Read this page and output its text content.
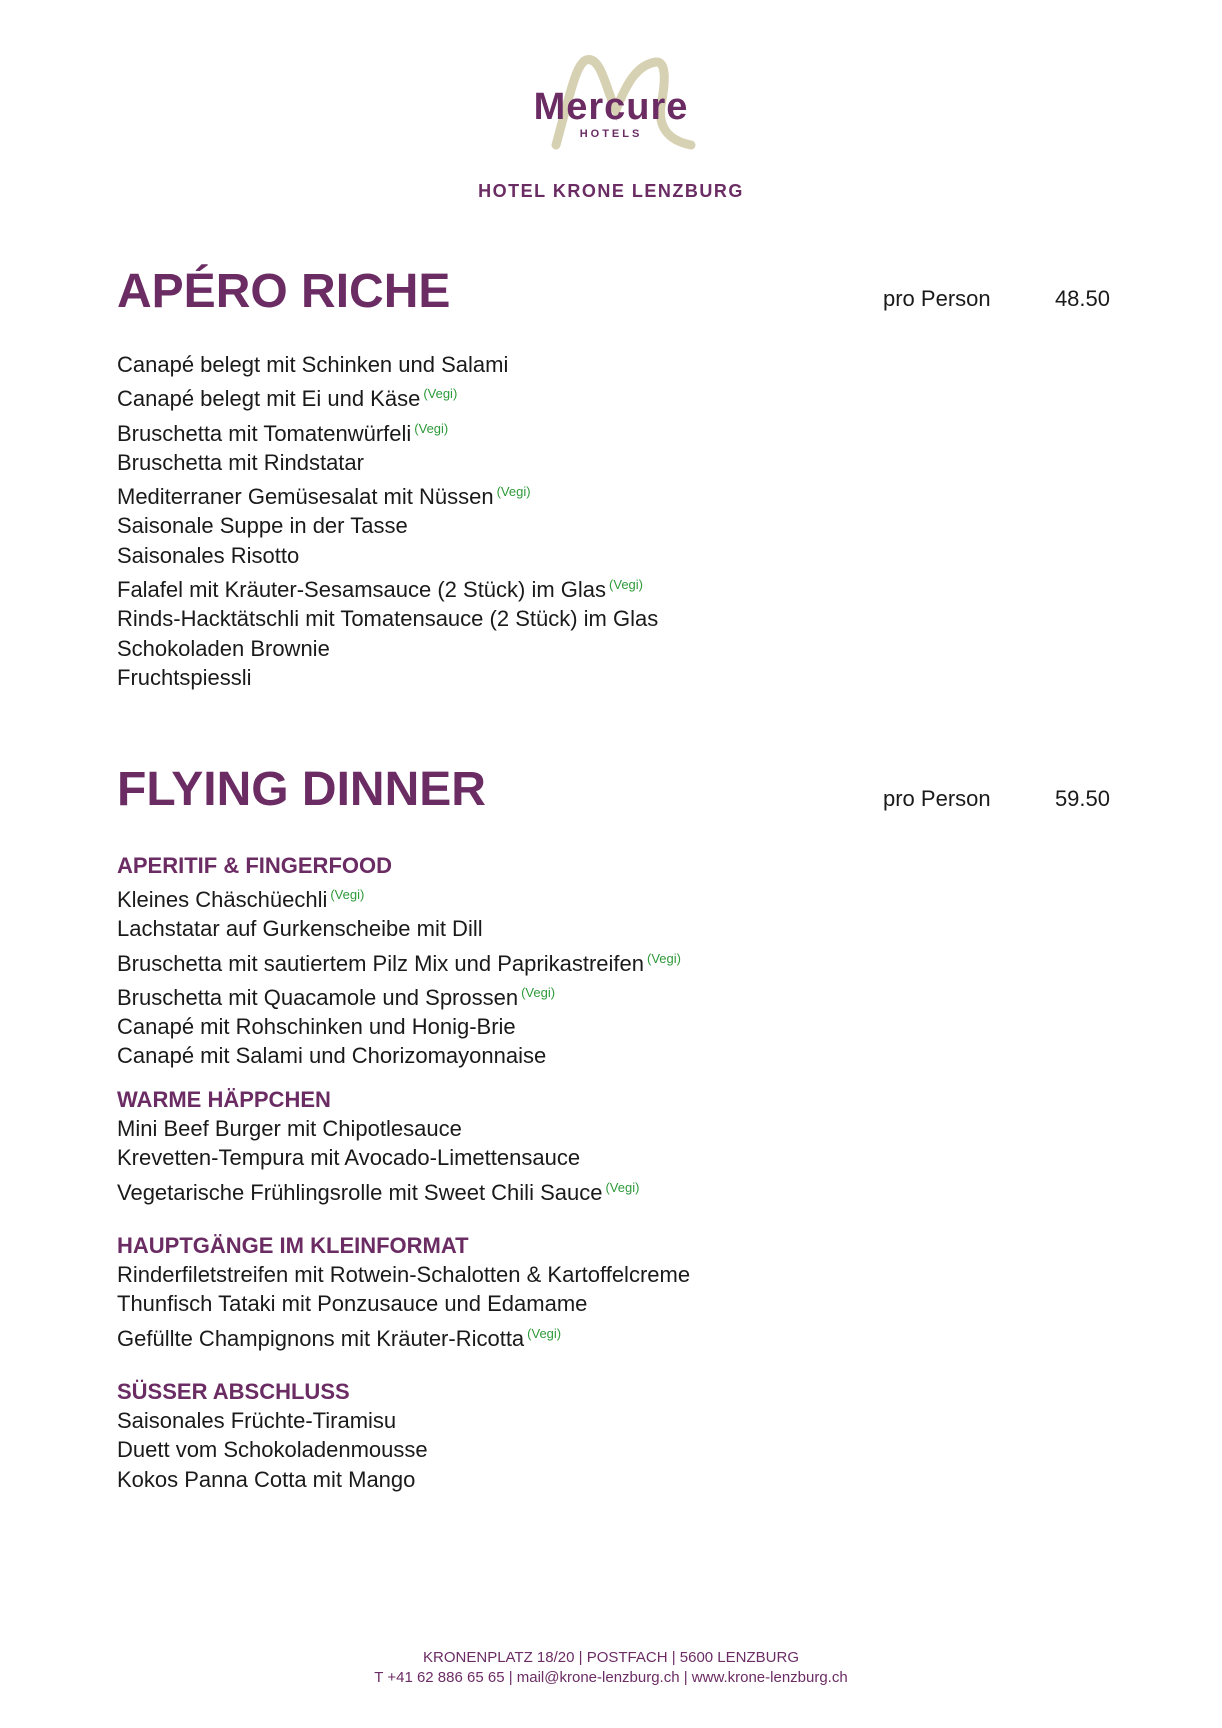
Mercure
HOTELS
HOTEL KRONE LENZBURG
APÉRO RICHE	pro Person	48.50
Canapé belegt mit Schinken und Salami
Canapé belegt mit Ei und Käse $^{(Vegi)}$
Bruschetta mit Tomatenwürfeli $^{(Vegi)}$
Bruschetta mit Rindstatar
Mediterraner Gemüsesalat mit Nüssen $^{(Vegi)}$
Saisonale Suppe in der Tasse
Saisonales Risotto
Falafel mit Kräuter-Sesamsauce (2 Stück) im Glas $^{(Vegi)}$
Rinds-Hacktätschli mit Tomatensauce (2 Stück) im Glas
Schokoladen Brownie
Fruchtspiessli
FLYING DINNER	pro Person	59.50
APERITIF & FINGERFOOD
Kleines Chäschüechli $^{(Vegi)}$
Lachstatar auf Gurkenscheibe mit Dill
Bruschetta mit sautiertem Pilz Mix und Paprikastreifen $^{(Vegi)}$
Bruschetta mit Quacamole und Sprossen $^{(Vegi)}$
Canapé mit Rohschinken und Honig-Brie
Canapé mit Salami und Chorizomayonnaise
WARME HÄPPCHEN
Mini Beef Burger mit Chipotlesauce
Krevetten-Tempura mit Avocado-Limettensauce
Vegetarische Frühlingsrolle mit Sweet Chili Sauce $^{(Vegi)}$
HAUPTGÄNGE IM KLEINFORMAT
Rinderfiletstreifen mit Rotwein-Schalotten & Kartoffelcreme
Thunfisch Tataki mit Ponzusauce und Edamame
Gefüllte Champignons mit Kräuter-Ricotta $^{(Vegi)}$
SÜSSER ABSCHLUSS
Saisonales Früchte-Tiramisu
Duett vom Schokoladenmousse
Kokos Panna Cotta mit Mango
KRONENPLATZ 18/20 | POSTFACH | 5600 LENZBURG
T +41 62 886 65 65 | mail@krone-lenzburg.ch | www.krone-lenzburg.ch
